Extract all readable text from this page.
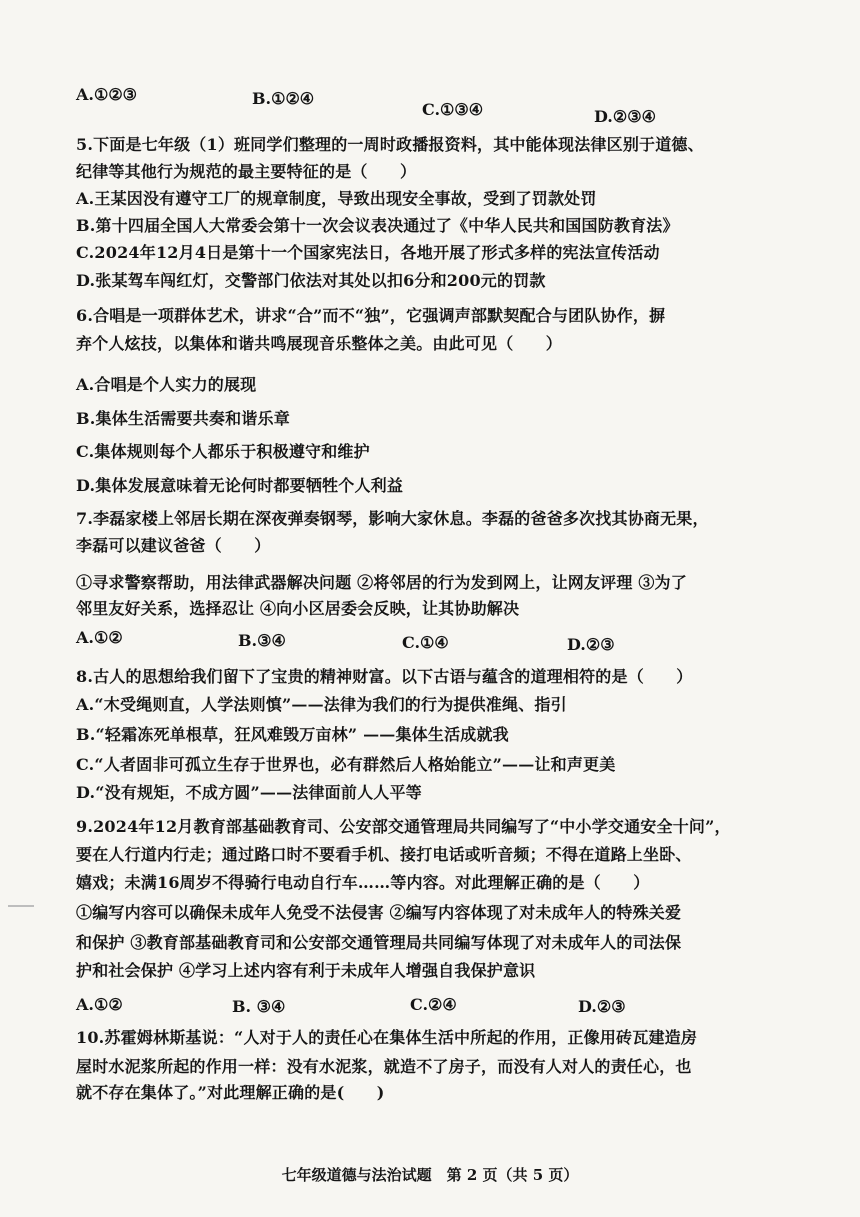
A.①②③	B.①②④
C.①③④	D.②③④
5.下面是七年级（1）班同学们整理的一周时政播报资料，其中能体现法律区别于道德、
纪律等其他行为规范的最主要特征的是（　　）
A.王某因没有遵守工厂的规章制度，导致出现安全事故，受到了罚款处罚
B.第十四届全国人大常委会第十一次会议表决通过了《中华人民共和国国防教育法》
C.2024年12月4日是第十一个国家宪法日，各地开展了形式多样的宪法宣传活动
D.张某驾车闯红灯，交警部门依法对其处以扣6分和200元的罚款
6.合唱是一项群体艺术，讲求“合”而不“独”，它强调声部默契配合与团队协作，摒
弃个人炫技，以集体和谐共鸣展现音乐整体之美。由此可见（　　）
A.合唱是个人实力的展现
B.集体生活需要共奏和谐乐章
C.集体规则每个人都乐于积极遵守和维护
D.集体发展意味着无论何时都要牺牲个人利益
7.李磊家楼上邻居长期在深夜弹奏钢琴，影响大家休息。李磊的爸爸多次找其协商无果，
李磊可以建议爸爸（　　）
①寻求警察帮助，用法律武器解决问题 ②将邻居的行为发到网上，让网友评理 ③为了
邻里友好关系，选择忍让 ④向小区居委会反映，让其协助解决
A.①②	B.③④	C.①④	D.②③
8.古人的思想给我们留下了宝贵的精神财富。以下古语与蕴含的道理相符的是（　　）
A.“木受绳则直，人学法则慎”——法律为我们的行为提供准绳、指引
B.“轻霜冻死单根草，狂风难毁万亩林” ——集体生活成就我
C.“人者固非可孤立生存于世界也，必有群然后人格始能立”——让和声更美
D.“没有规矩，不成方圆”——法律面前人人平等
9.2024年12月教育部基础教育司、公安部交通管理局共同编写了“中小学交通安全十问”，
要在人行道内行走；通过路口时不要看手机、接打电话或听音频；不得在道路上坐卧、
嬉戏；未满16周岁不得骑行电动自行车……等内容。对此理解正确的是（　　）
①编写内容可以确保未成年人免受不法侵害 ②编写内容体现了对未成年人的特殊关爱
和保护 ③教育部基础教育司和公安部交通管理局共同编写体现了对未成年人的司法保
护和社会保护 ④学习上述内容有利于未成年人增强自我保护意识
A.①②	B. ③④	C.②④	D.②③
10.苏霍姆林斯基说：“人对于人的责任心在集体生活中所起的作用，正像用砖瓦建造房
屋时水泥浆所起的作用一样：没有水泥浆，就造不了房子，而没有人对人的责任心，也
就不存在集体了。”对此理解正确的是(　　)
七年级道德与法治试题　第 2 页（共 5 页）
